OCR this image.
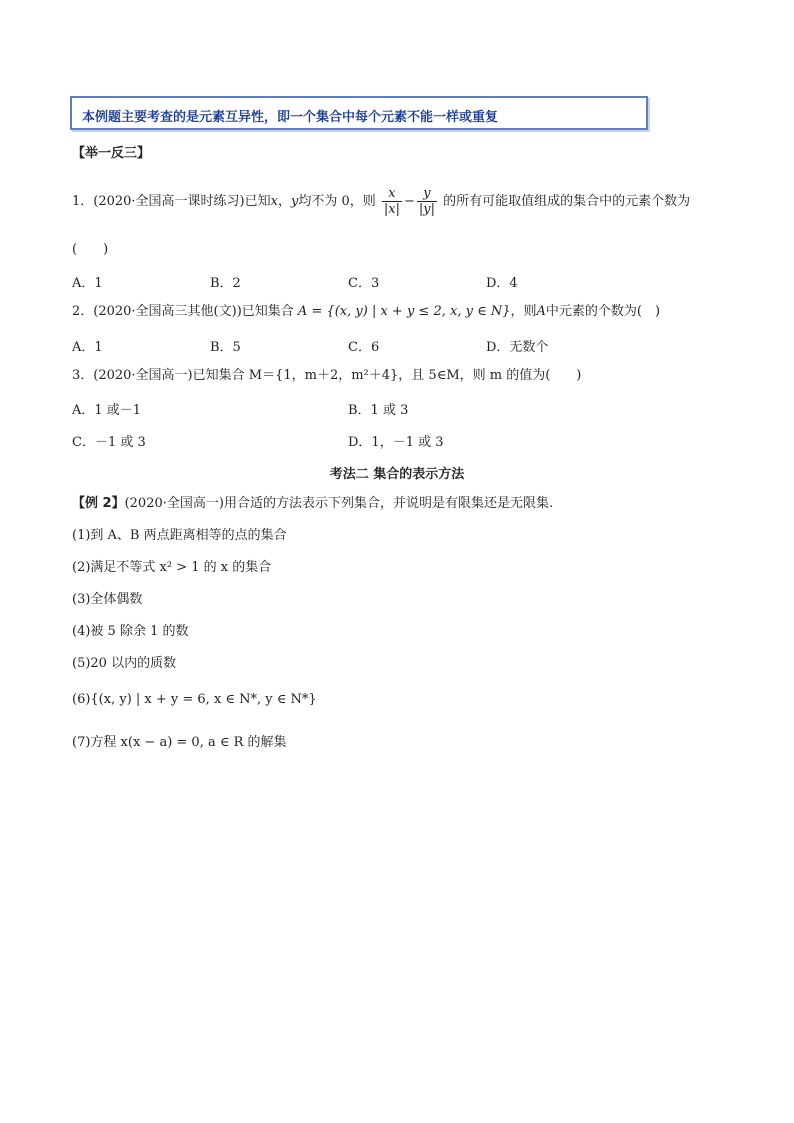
本例题主要考查的是元素互异性，即一个集合中每个元素不能一样或重复
【举一反三】
1．(2020·全国高一课时练习)已知x，y均不为 0，则 $\frac{x}{|x|} - \frac{y}{|y|}$ 的所有可能取值组成的集合中的元素个数为
(　　)
A．1	B．2	C．3	D．4
2．(2020·全国高三其他(文))已知集合 A = {(x, y) | x + y ≤ 2, x, y ∈ N}，则A中元素的个数为(　)
A．1	B．5	C．6	D．无数个
3．(2020·全国高一)已知集合 M＝{1，m＋2，m²＋4}，且 5∈M，则 m 的值为(　　)
A．1 或－1	B．1 或 3
C．－1 或 3	D．1，－1 或 3
考法二 集合的表示方法
【例 2】(2020·全国高一)用合适的方法表示下列集合，并说明是有限集还是无限集.
(1)到 A、B 两点距离相等的点的集合
(2)满足不等式 x² > 1 的 x 的集合
(3)全体偶数
(4)被 5 除余 1 的数
(5)20 以内的质数
(6){(x, y) | x + y = 6, x ∈ N*, y ∈ N*}
(7)方程 x(x − a) = 0, a ∈ R 的解集
